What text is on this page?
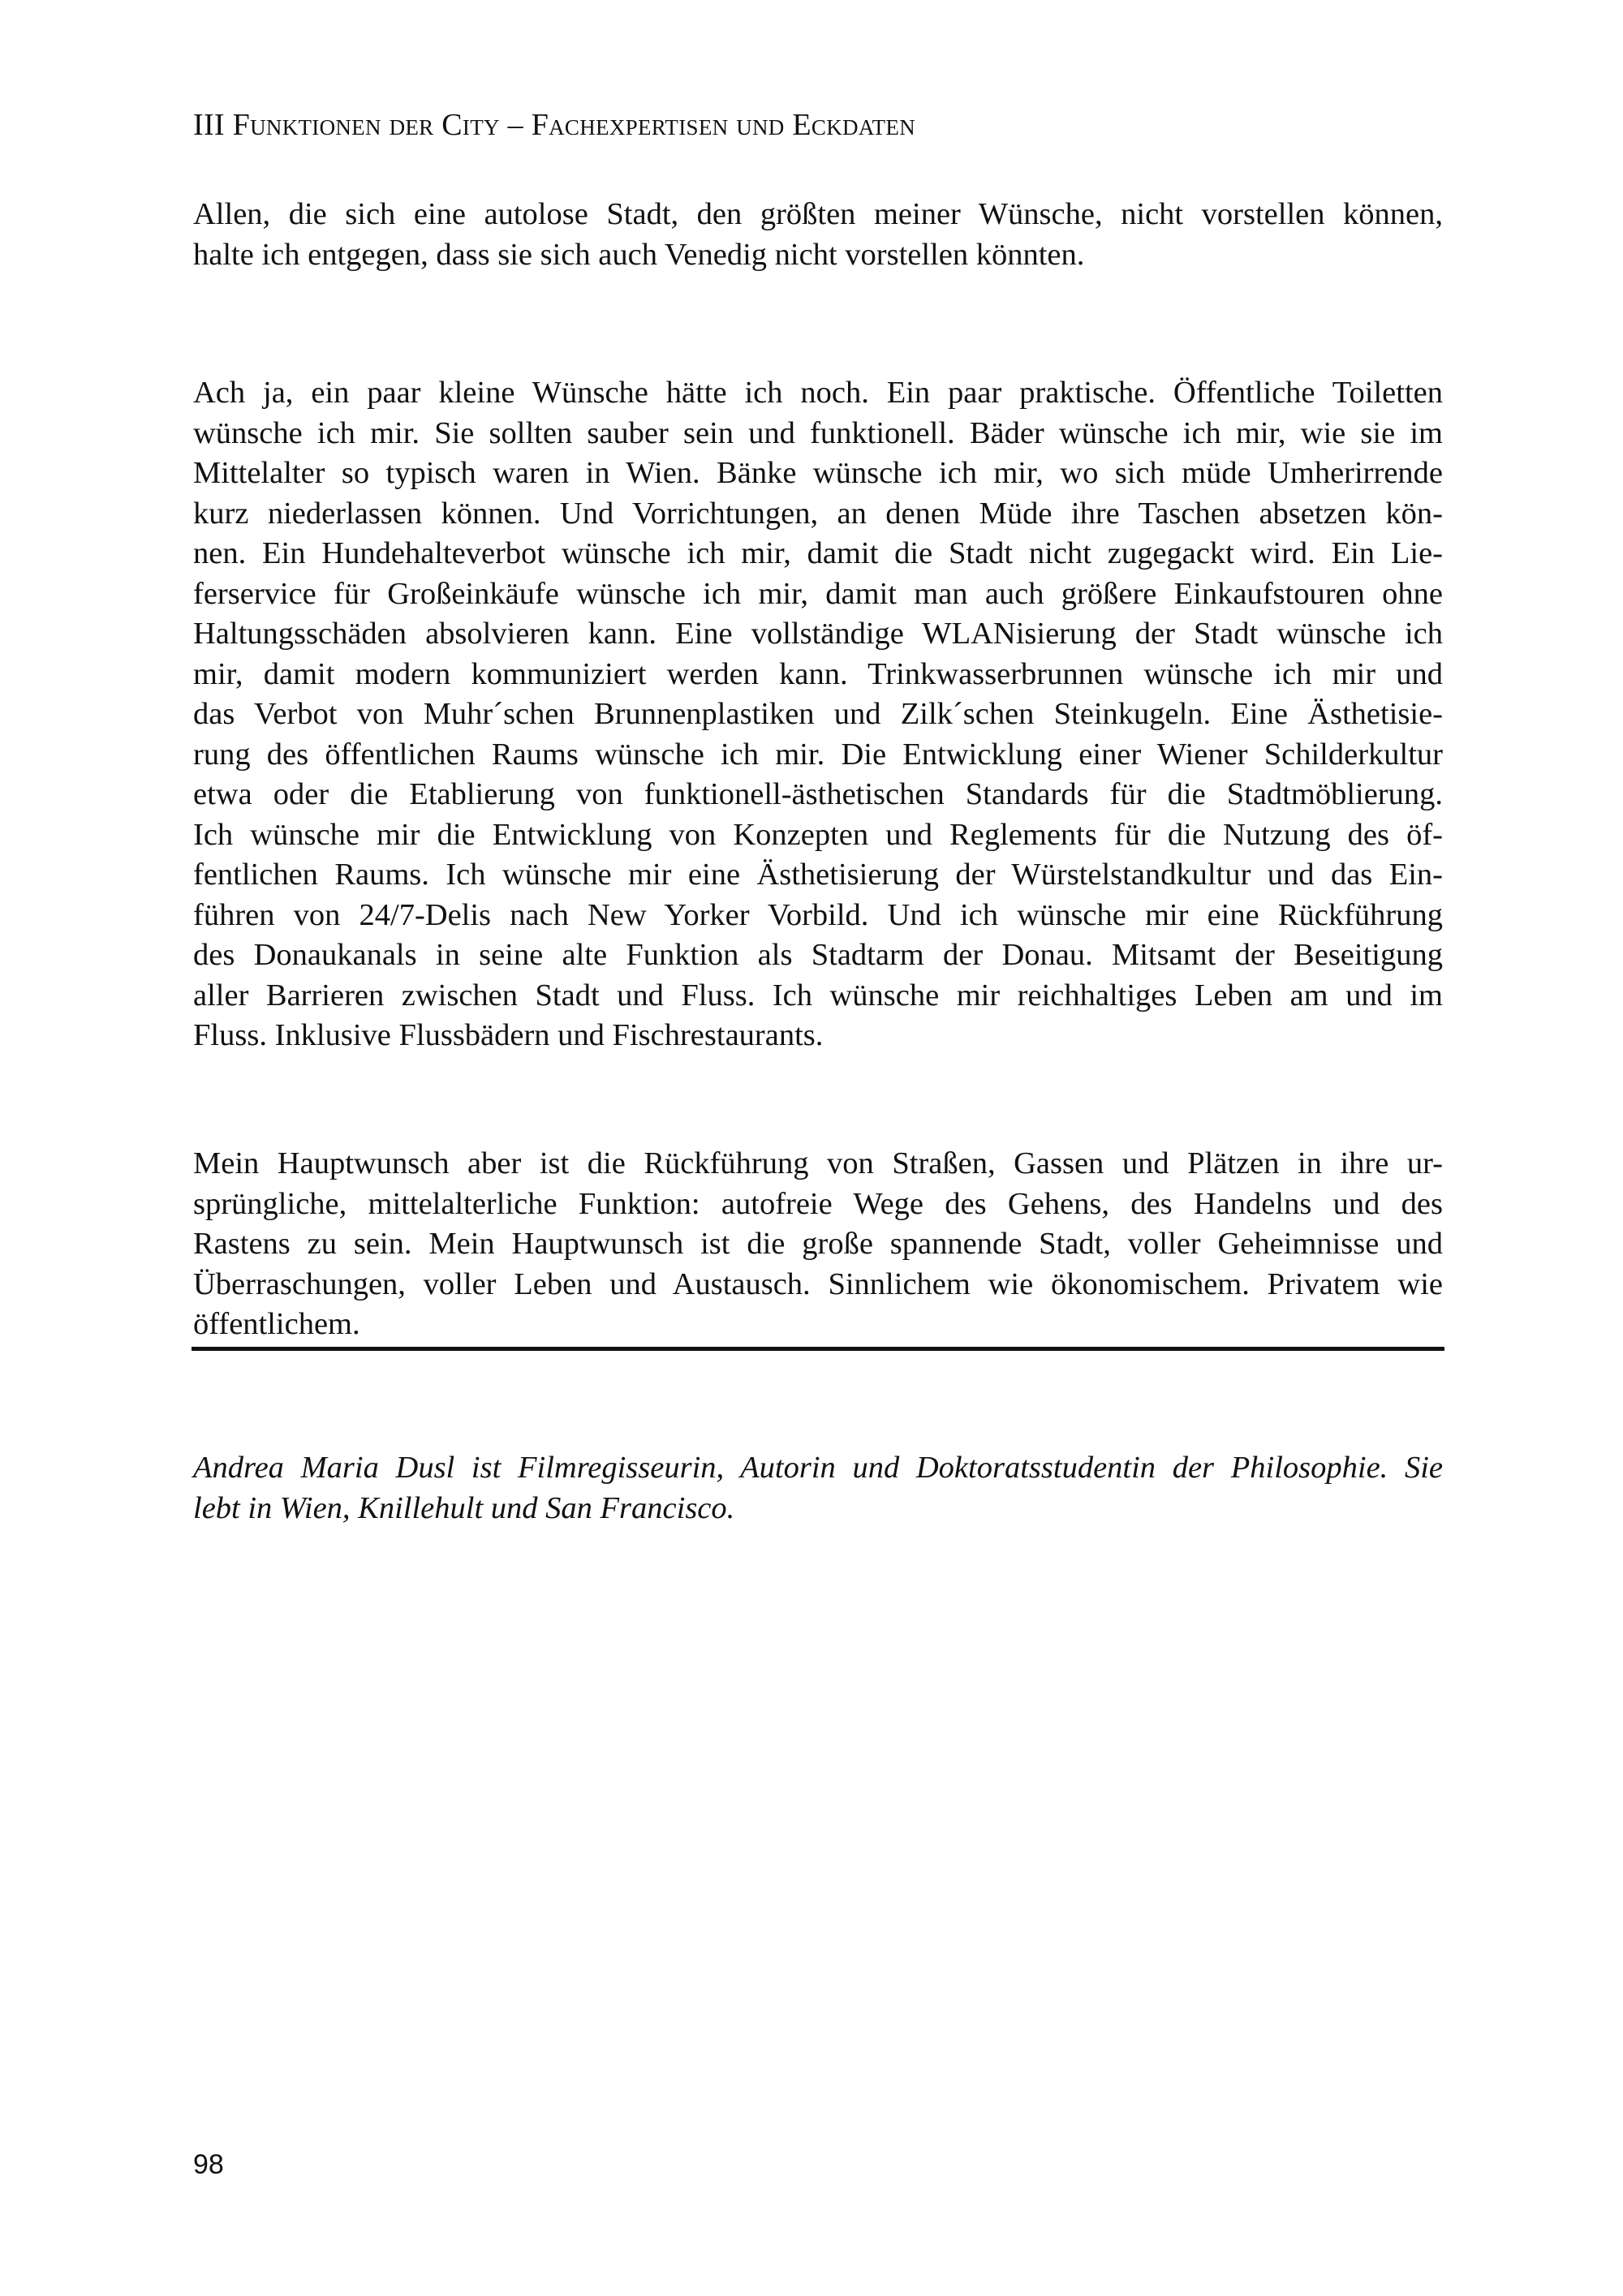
III Funktionen der City – Fachexpertisen und Eckdaten

Allen, die sich eine autolose Stadt, den größten meiner Wünsche, nicht vorstellen können,
halte ich entgegen, dass sie sich auch Venedig nicht vorstellen könnten.

Ach ja, ein paar kleine Wünsche hätte ich noch. Ein paar praktische. Öffentliche Toiletten
wünsche ich mir. Sie sollten sauber sein und funktionell. Bäder wünsche ich mir, wie sie im
Mittelalter so typisch waren in Wien. Bänke wünsche ich mir, wo sich müde Umherirrende
kurz niederlassen können. Und Vorrichtungen, an denen Müde ihre Taschen absetzen kön-
nen. Ein Hundehalteverbot wünsche ich mir, damit die Stadt nicht zugegackt wird. Ein Lie-
ferservice für Großeinkäufe wünsche ich mir, damit man auch größere Einkaufstouren ohne
Haltungsschäden absolvieren kann. Eine vollständige WLANisierung der Stadt wünsche ich
mir, damit modern kommuniziert werden kann. Trinkwasserbrunnen wünsche ich mir und
das Verbot von Muhr´schen Brunnenplastiken und Zilk´schen Steinkugeln. Eine Ästhetisie-
rung des öffentlichen Raums wünsche ich mir. Die Entwicklung einer Wiener Schilderkultur
etwa oder die Etablierung von funktionell-ästhetischen Standards für die Stadtmöblierung.
Ich wünsche mir die Entwicklung von Konzepten und Reglements für die Nutzung des öf-
fentlichen Raums. Ich wünsche mir eine Ästhetisierung der Würstelstandkultur und das Ein-
führen von 24/7-Delis nach New Yorker Vorbild. Und ich wünsche mir eine Rückführung
des Donaukanals in seine alte Funktion als Stadtarm der Donau. Mitsamt der Beseitigung
aller Barrieren zwischen Stadt und Fluss. Ich wünsche mir reichhaltiges Leben am und im
Fluss. Inklusive Flussbädern und Fischrestaurants.

Mein Hauptwunsch aber ist die Rückführung von Straßen, Gassen und Plätzen in ihre ur-
sprüngliche, mittelalterliche Funktion: autofreie Wege des Gehens, des Handelns und des
Rastens zu sein. Mein Hauptwunsch ist die große spannende Stadt, voller Geheimnisse und
Überraschungen, voller Leben und Austausch. Sinnlichem wie ökonomischem. Privatem wie
öffentlichem.

Andrea Maria Dusl ist Filmregisseurin, Autorin und Doktoratsstudentin der Philosophie. Sie
lebt in Wien, Knillehult und San Francisco.
98
